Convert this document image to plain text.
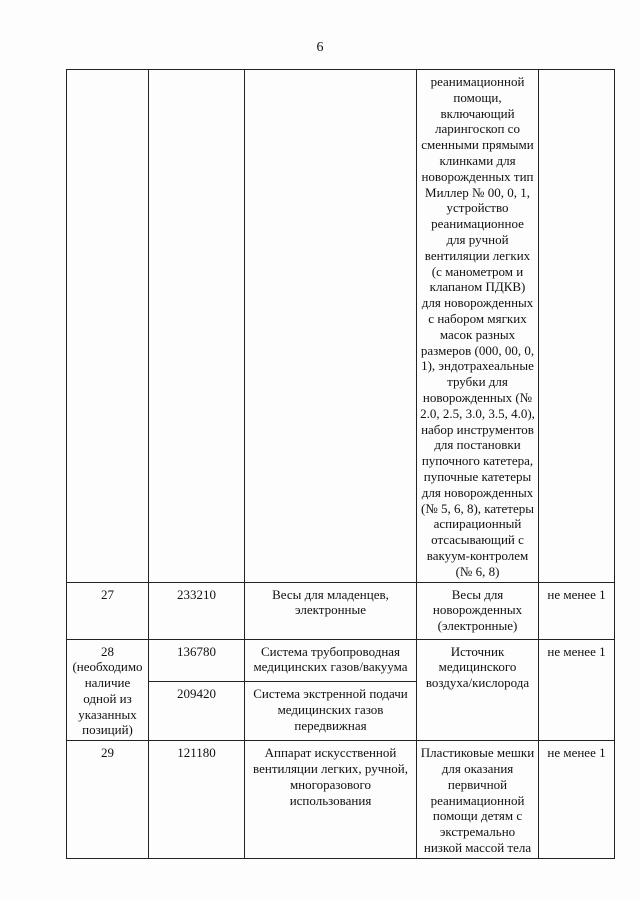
6
			реанимационной помощи, включающий ларингоскоп со сменными прямыми клинками для новорожденных тип Миллер № 00, 0, 1, устройство реанимационное для ручной вентиляции легких (с манометром и клапаном ПДКВ) для новорожденных с набором мягких масок разных размеров (000, 00, 0, 1), эндотрахеальные трубки для новорожденных (№ 2.0, 2.5, 3.0, 3.5, 4.0), набор инструментов для постановки пупочного катетера, пупочные катетеры для новорожденных (№ 5, 6, 8), катетеры аспирационный отсасывающий с вакуум-контролем (№ 6, 8)	
27	233210	Весы для младенцев, электронные	Весы для новорожденных (электронные)	не менее 1
28 (необходимо наличие одной из указанных позиций)	136780	Система трубопроводная медицинских газов/вакуума	Источник медицинского воздуха/кислорода	не менее 1
	209420	Система экстренной подачи медицинских газов передвижная		
29	121180	Аппарат искусственной вентиляции легких, ручной, многоразового использования	Пластиковые мешки для оказания первичной реанимационной помощи детям с экстремально низкой массой тела	не менее 1
